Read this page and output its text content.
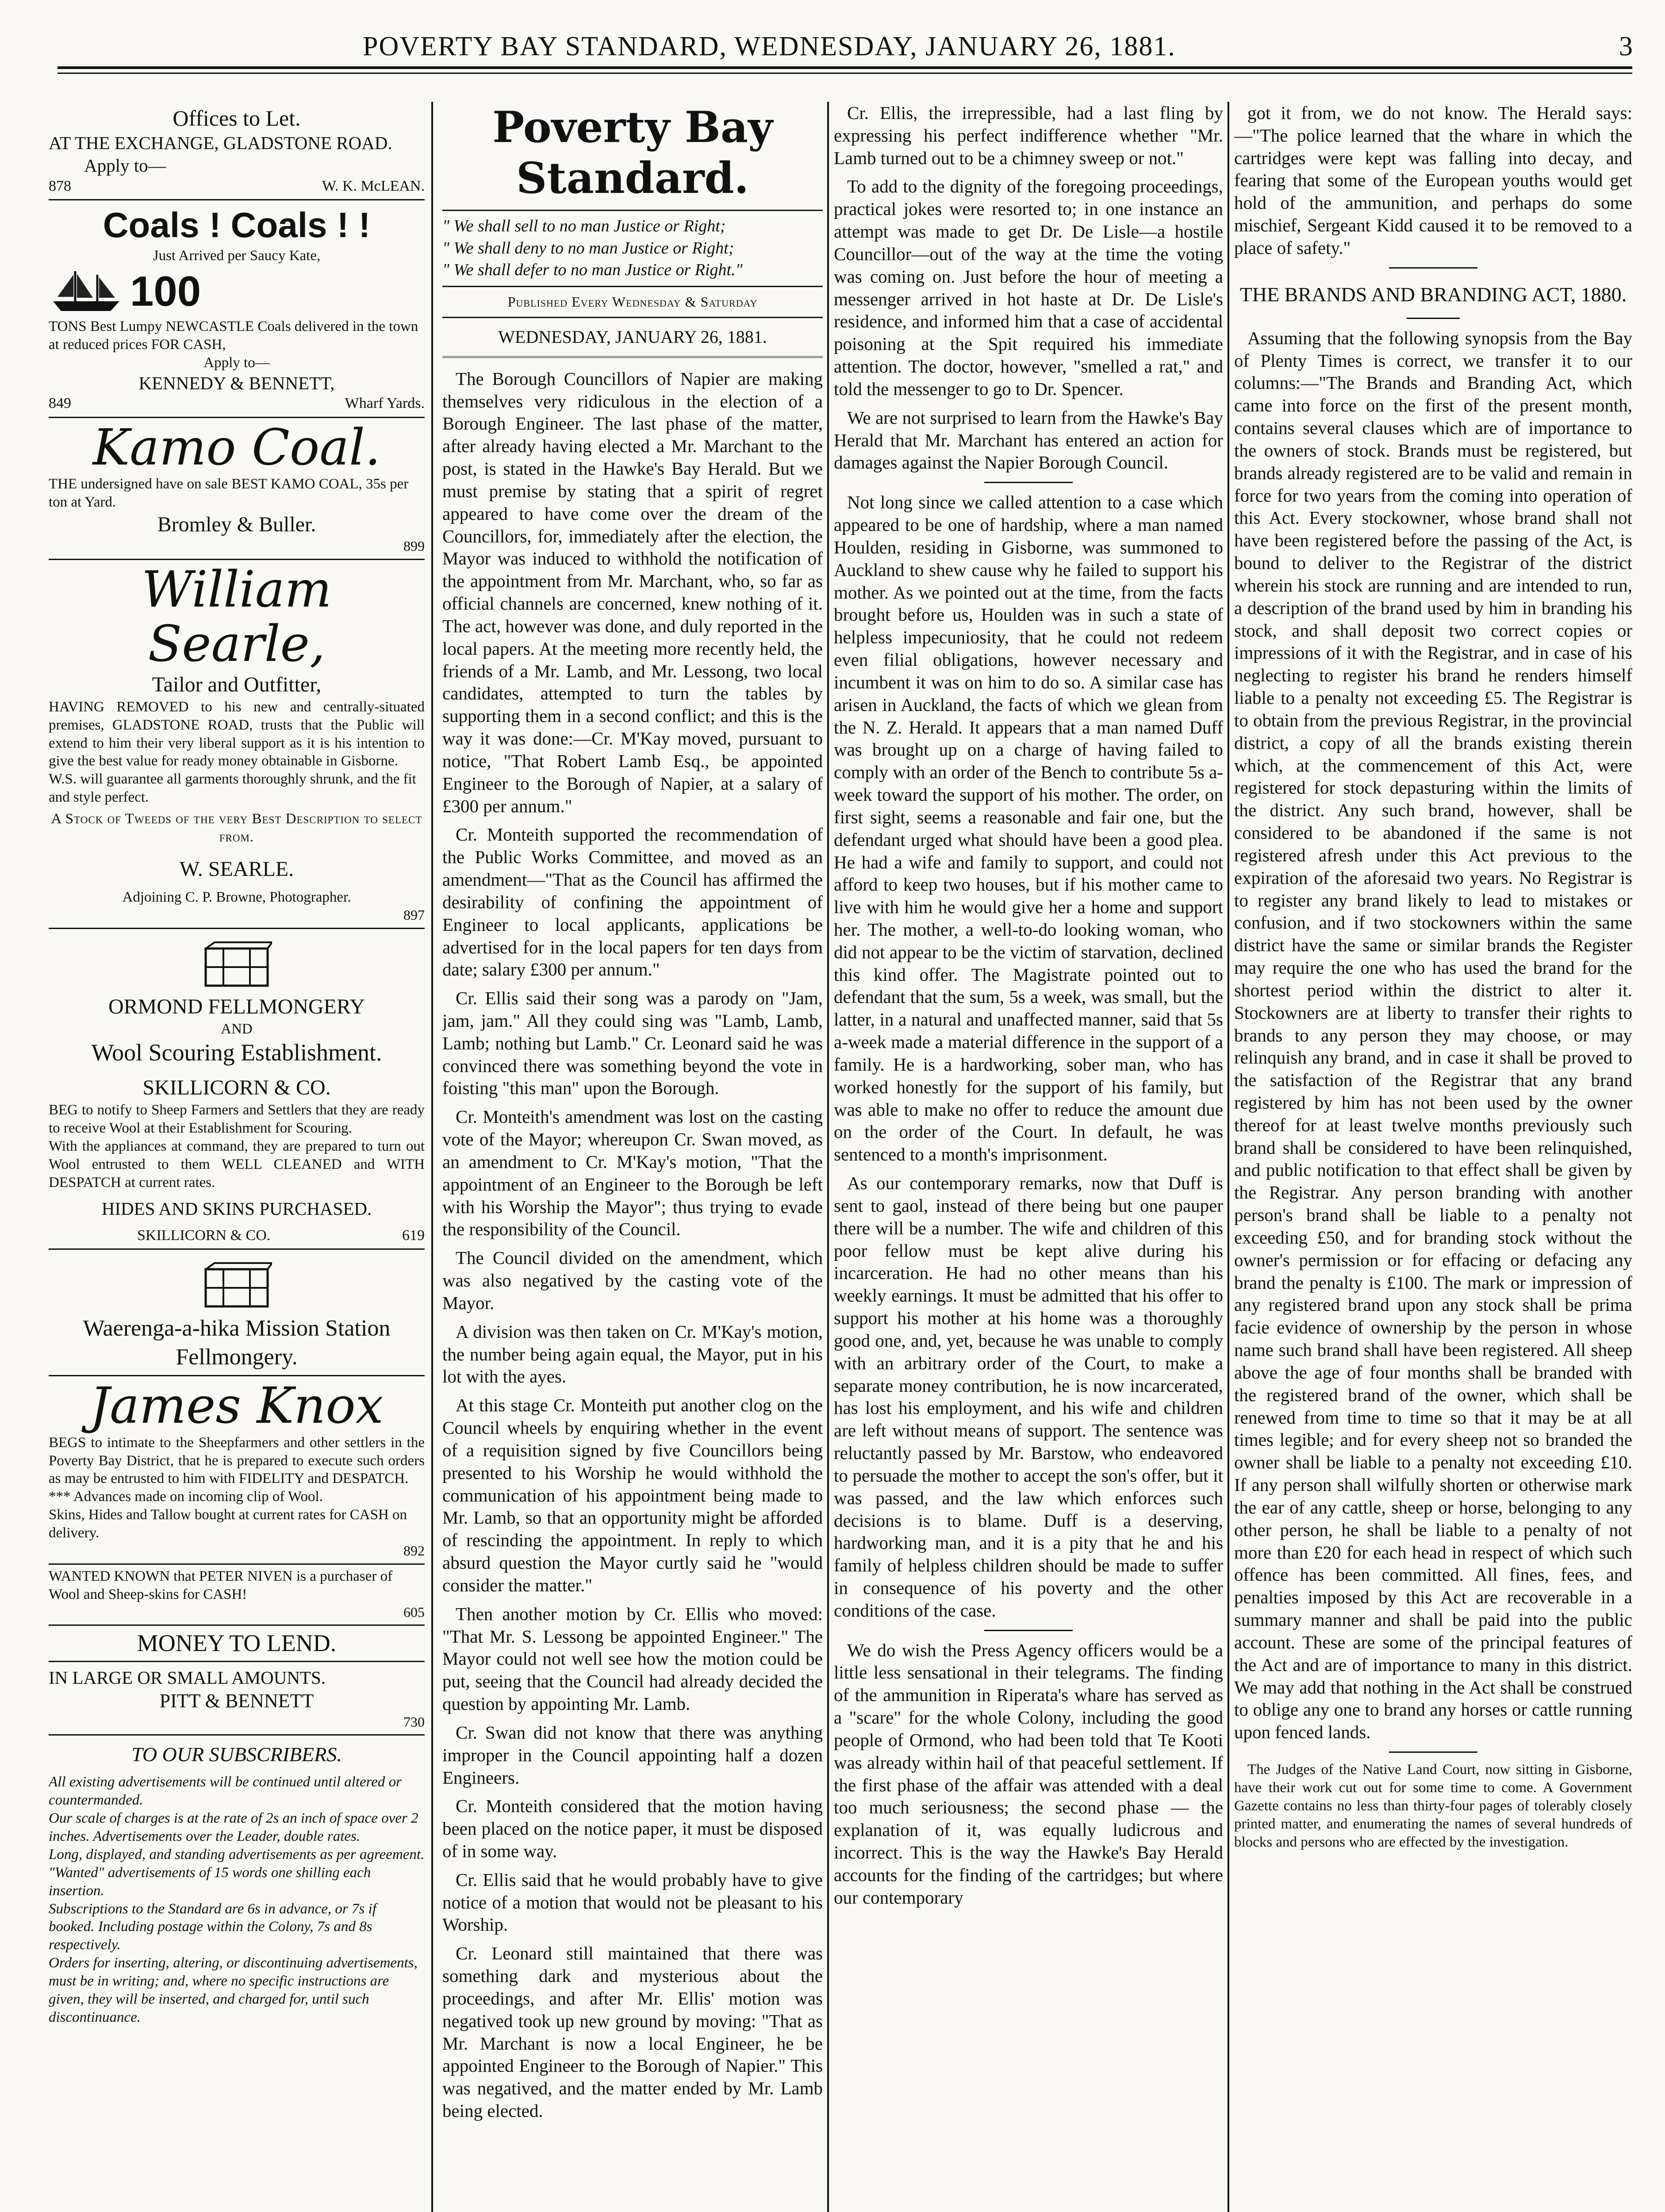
POVERTY BAY STANDARD, WEDNESDAY, JANUARY 26, 1881.	3
Offices to Let.
AT THE EXCHANGE, GLADSTONE ROAD.
Apply to—
878	W. K. McLEAN.
Coals ! Coals ! !
Just Arrived per Saucy Kate,
100
TONS Best Lumpy NEWCASTLE Coals delivered in the town at reduced prices FOR CASH,
Apply to—
KENNEDY & BENNETT,
849	Wharf Yards.
Kamo Coal.
THE undersigned have on sale BEST KAMO COAL, 35s per ton at Yard.
Bromley & Buller.
899
William Searle,
Tailor and Outfitter,
HAVING REMOVED to his new and centrally-situated premises, GLADSTONE ROAD, trusts that the Public will extend to him their very liberal support as it is his intention to give the best value for ready money obtainable in Gisborne.
W.S. will guarantee all garments thoroughly shrunk, and the fit and style perfect.
A Stock of Tweeds of the very Best Description to select from.
W. SEARLE.
Adjoining C. P. Browne, Photographer.
897
ORMOND FELLMONGERY
AND
Wool Scouring Establishment.
SKILLICORN & CO.
BEG to notify to Sheep Farmers and Settlers that they are ready to receive Wool at their Establishment for Scouring.
With the appliances at command, they are prepared to turn out Wool entrusted to them WELL CLEANED and WITH DESPATCH at current rates.
HIDES AND SKINS PURCHASED.
SKILLICORN & CO.	619
Waerenga-a-hika Mission Station Fellmongery.
James Knox
BEGS to intimate to the Sheepfarmers and other settlers in the Poverty Bay District, that he is prepared to execute such orders as may be entrusted to him with FIDELITY and DESPATCH.
*** Advances made on incoming clip of Wool.
Skins, Hides and Tallow bought at current rates for CASH on delivery.
892
WANTED KNOWN that PETER NIVEN is a purchaser of Wool and Sheep-skins for CASH!
605
MONEY TO LEND.
IN LARGE OR SMALL AMOUNTS.
PITT & BENNETT
730
TO OUR SUBSCRIBERS.
All existing advertisements will be continued until altered or countermanded.
Our scale of charges is at the rate of 2s an inch of space over 2 inches. Advertisements over the Leader, double rates.
Long, displayed, and standing advertisements as per agreement.
"Wanted" advertisements of 15 words one shilling each insertion.
Subscriptions to the Standard are 6s in advance, or 7s if booked. Including postage within the Colony, 7s and 8s respectively.
Orders for inserting, altering, or discontinuing advertisements, must be in writing; and, where no specific instructions are given, they will be inserted, and charged for, until such discontinuance.
Poverty Bay Standard.
" We shall sell to no man Justice or Right;
" We shall deny to no man Justice or Right;
" We shall defer to no man Justice or Right."
Published Every Wednesday & Saturday
WEDNESDAY, JANUARY 26, 1881.

The Borough Councillors of Napier are making themselves very ridiculous in the election of a Borough Engineer. The last phase of the matter, after already having elected a Mr. Marchant to the post, is stated in the Hawke's Bay Herald. But we must premise by stating that a spirit of regret appeared to have come over the dream of the Councillors, for, immediately after the election, the Mayor was induced to withhold the notification of the appointment from Mr. Marchant, who, so far as official channels are concerned, knew nothing of it. The act, however was done, and duly reported in the local papers. At the meeting more recently held, the friends of a Mr. Lamb, and Mr. Lessong, two local candidates, attempted to turn the tables by supporting them in a second conflict; and this is the way it was done:—Cr. M'Kay moved, pursuant to notice, "That Robert Lamb Esq., be appointed Engineer to the Borough of Napier, at a salary of £300 per annum."

Cr. Monteith supported the recommendation of the Public Works Committee, and moved as an amendment—"That as the Council has affirmed the desirability of confining the appointment of Engineer to local applicants, applications be advertised for in the local papers for ten days from date; salary £300 per annum."

Cr. Ellis said their song was a parody on "Jam, jam, jam." All they could sing was "Lamb, Lamb, Lamb; nothing but Lamb." Cr. Leonard said he was convinced there was something beyond the vote in foisting "this man" upon the Borough.

Cr. Monteith's amendment was lost on the casting vote of the Mayor; whereupon Cr. Swan moved, as an amendment to Cr. M'Kay's motion, "That the appointment of an Engineer to the Borough be left with his Worship the Mayor"; thus trying to evade the responsibility of the Council.

The Council divided on the amendment, which was also negatived by the casting vote of the Mayor.

A division was then taken on Cr. M'Kay's motion, the number being again equal, the Mayor, put in his lot with the ayes.

At this stage Cr. Monteith put another clog on the Council wheels by enquiring whether in the event of a requisition signed by five Councillors being presented to his Worship he would withhold the communication of his appointment being made to Mr. Lamb, so that an opportunity might be afforded of rescinding the appointment. In reply to which absurd question the Mayor curtly said he "would consider the matter."

Then another motion by Cr. Ellis who moved: "That Mr. S. Lessong be appointed Engineer." The Mayor could not well see how the motion could be put, seeing that the Council had already decided the question by appointing Mr. Lamb.

Cr. Swan did not know that there was anything improper in the Council appointing half a dozen Engineers.

Cr. Monteith considered that the motion having been placed on the notice paper, it must be disposed of in some way.

Cr. Ellis said that he would probably have to give notice of a motion that would not be pleasant to his Worship.

Cr. Leonard still maintained that there was something dark and mysterious about the proceedings, and after Mr. Ellis' motion was negatived took up new ground by moving: "That as Mr. Marchant is now a local Engineer, he be appointed Engineer to the Borough of Napier." This was negatived, and the matter ended by Mr. Lamb being elected.

Cr. Ellis, the irrepressible, had a last fling by expressing his perfect indifference whether "Mr. Lamb turned out to be a chimney sweep or not."

To add to the dignity of the foregoing proceedings, practical jokes were resorted to; in one instance an attempt was made to get Dr. De Lisle—a hostile Councillor—out of the way at the time the voting was coming on. Just before the hour of meeting a messenger arrived in hot haste at Dr. De Lisle's residence, and informed him that a case of accidental poisoning at the Spit required his immediate attention. The doctor, however, "smelled a rat," and told the messenger to go to Dr. Spencer.

We are not surprised to learn from the Hawke's Bay Herald that Mr. Marchant has entered an action for damages against the Napier Borough Council.

Not long since we called attention to a case which appeared to be one of hardship, where a man named Houlden, residing in Gisborne, was summoned to Auckland to shew cause why he failed to support his mother. As we pointed out at the time, from the facts brought before us, Houlden was in such a state of helpless impecuniosity, that he could not redeem even filial obligations, however necessary and incumbent it was on him to do so. A similar case has arisen in Auckland, the facts of which we glean from the N. Z. Herald. It appears that a man named Duff was brought up on a charge of having failed to comply with an order of the Bench to contribute 5s a-week toward the support of his mother. The order, on first sight, seems a reasonable and fair one, but the defendant urged what should have been a good plea. He had a wife and family to support, and could not afford to keep two houses, but if his mother came to live with him he would give her a home and support her. The mother, a well-to-do looking woman, who did not appear to be the victim of starvation, declined this kind offer. The Magistrate pointed out to defendant that the sum, 5s a week, was small, but the latter, in a natural and unaffected manner, said that 5s a-week made a material difference in the support of a family. He is a hardworking, sober man, who has worked honestly for the support of his family, but was able to make no offer to reduce the amount due on the order of the Court. In default, he was sentenced to a month's imprisonment.

As our contemporary remarks, now that Duff is sent to gaol, instead of there being but one pauper there will be a number. The wife and children of this poor fellow must be kept alive during his incarceration. He had no other means than his weekly earnings. It must be admitted that his offer to support his mother at his home was a thoroughly good one, and, yet, because he was unable to comply with an arbitrary order of the Court, to make a separate money contribution, he is now incarcerated, has lost his employment, and his wife and children are left without means of support. The sentence was reluctantly passed by Mr. Barstow, who endeavored to persuade the mother to accept the son's offer, but it was passed, and the law which enforces such decisions is to blame. Duff is a deserving, hardworking man, and it is a pity that he and his family of helpless children should be made to suffer in consequence of his poverty and the other conditions of the case.

We do wish the Press Agency officers would be a little less sensational in their telegrams. The finding of the ammunition in Riperata's whare has served as a "scare" for the whole Colony, including the good people of Ormond, who had been told that Te Kooti was already within hail of that peaceful settlement. If the first phase of the affair was attended with a deal too much seriousness; the second phase — the explanation of it, was equally ludicrous and incorrect. This is the way the Hawke's Bay Herald accounts for the finding of the cartridges; but where our contemporary

got it from, we do not know. The Herald says:—"The police learned that the whare in which the cartridges were kept was falling into decay, and fearing that some of the European youths would get hold of the ammunition, and perhaps do some mischief, Sergeant Kidd caused it to be removed to a place of safety."

THE BRANDS AND BRANDING ACT, 1880.

Assuming that the following synopsis from the Bay of Plenty Times is correct, we transfer it to our columns:—"The Brands and Branding Act, which came into force on the first of the present month, contains several clauses which are of importance to the owners of stock. Brands must be registered, but brands already registered are to be valid and remain in force for two years from the coming into operation of this Act. Every stockowner, whose brand shall not have been registered before the passing of the Act, is bound to deliver to the Registrar of the district wherein his stock are running and are intended to run, a description of the brand used by him in branding his stock, and shall deposit two correct copies or impressions of it with the Registrar, and in case of his neglecting to register his brand he renders himself liable to a penalty not exceeding £5. The Registrar is to obtain from the previous Registrar, in the provincial district, a copy of all the brands existing therein which, at the commencement of this Act, were registered for stock depasturing within the limits of the district. Any such brand, however, shall be considered to be abandoned if the same is not registered afresh under this Act previous to the expiration of the aforesaid two years. No Registrar is to register any brand likely to lead to mistakes or confusion, and if two stockowners within the same district have the same or similar brands the Register may require the one who has used the brand for the shortest period within the district to alter it. Stockowners are at liberty to transfer their rights to brands to any person they may choose, or may relinquish any brand, and in case it shall be proved to the satisfaction of the Registrar that any brand registered by him has not been used by the owner thereof for at least twelve months previously such brand shall be considered to have been relinquished, and public notification to that effect shall be given by the Registrar. Any person branding with another person's brand shall be liable to a penalty not exceeding £50, and for branding stock without the owner's permission or for effacing or defacing any brand the penalty is £100. The mark or impression of any registered brand upon any stock shall be prima facie evidence of ownership by the person in whose name such brand shall have been registered. All sheep above the age of four months shall be branded with the registered brand of the owner, which shall be renewed from time to time so that it may be at all times legible; and for every sheep not so branded the owner shall be liable to a penalty not exceeding £10. If any person shall wilfully shorten or otherwise mark the ear of any cattle, sheep or horse, belonging to any other person, he shall be liable to a penalty of not more than £20 for each head in respect of which such offence has been committed. All fines, fees, and penalties imposed by this Act are recoverable in a summary manner and shall be paid into the public account. These are some of the principal features of the Act and are of importance to many in this district. We may add that nothing in the Act shall be construed to oblige any one to brand any horses or cattle running upon fenced lands.

The Judges of the Native Land Court, now sitting in Gisborne, have their work cut out for some time to come. A Government Gazette contains no less than thirty-four pages of tolerably closely printed matter, and enumerating the names of several hundreds of blocks and persons who are effected by the investigation.
